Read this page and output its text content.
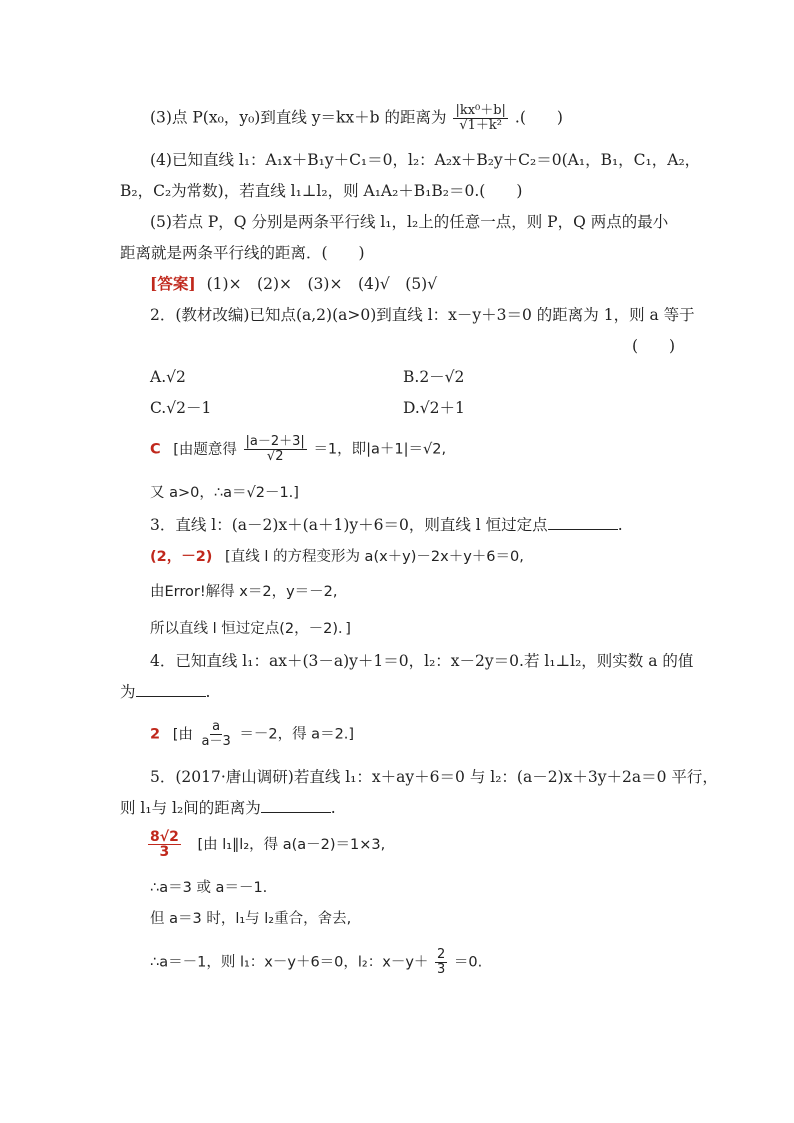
(3)点 P(x₀，y₀)到直线 y＝kx＋b 的距离为 $\frac{\text{|kx⁰＋b|}}{\text{√1＋k²}}$ .(　　)
(4)已知直线 l₁：A₁x＋B₁y＋C₁＝0，l₂：A₂x＋B₂y＋C₂＝0(A₁，B₁，C₁，A₂，
B₂，C₂为常数)，若直线 l₁⊥l₂，则 A₁A₂＋B₁B₂＝0.(　　)
(5)若点 P，Q 分别是两条平行线 l₁，l₂上的任意一点，则 P，Q 两点的最小
距离就是两条平行线的距离．(　　)
[答案] (1)×　(2)×　(3)×　(4)√　(5)√
2．(教材改编)已知点(a,2)(a>0)到直线 l：x－y＋3＝0 的距离为 1，则 a 等于
(　　)
A.√2	B.2－√2
C.√2－1	D.√2＋1
C [由题意得 $\frac{|a-2+3|}{√2} =1$，即|a＋1|＝√2,
又 a>0，∴a＝√2－1.]
3．直线 l：(a－2)x＋(a＋1)y＋6＝0，则直线 l 恒过定点	.
(2，－2) [直线 l 的方程变形为 a(x＋y)－2x＋y＋6＝0,
由Error!解得 x＝2，y＝－2,
所以直线 l 恒过定点(2，－2)．]
4．已知直线 l₁：ax＋(3－a)y＋1＝0，l₂：x－2y＝0.若 l₁⊥l₂，则实数 a 的值
为	.
2 [由 $\frac{a}{a-3} =-2$，得 a＝2.]
5．(2017·唐山调研)若直线 l₁：x＋ay＋6＝0 与 l₂：(a－2)x＋3y＋2a＝0 平行，
则 l₁与 l₂间的距离为	.
$\frac{8√2}{3}$ [由 l₁∥l₂，得 a(a－2)＝1×3,
∴a＝3 或 a＝－1.
但 a＝3 时，l₁与 l₂重合，舍去,
∴a＝－1，则 l₁：x－y＋6＝0，l₂：$x-y+ \frac{2}{3} =0$.
